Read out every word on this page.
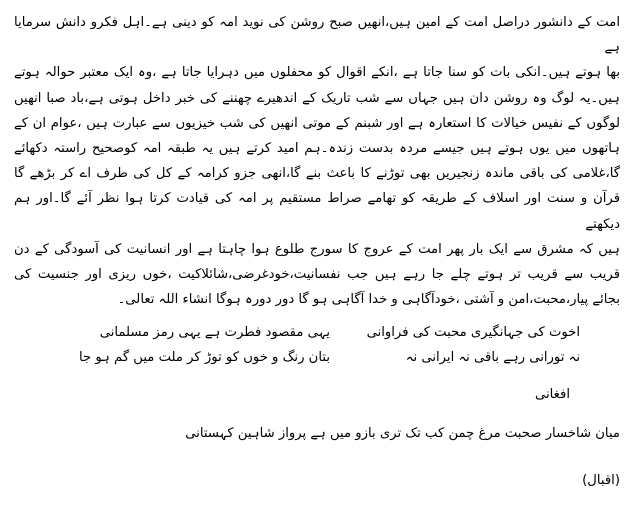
امت کے دانشور دراصل امت کے امین ہیں،انھیں صبح روشن کی نوید امہ کو دینی ہے۔اہل فکرو دانش سرمایا ہے

بھا ہوتے ہیں۔انکی بات کو سنا جاتا ہے ،انکے اقوال کو محفلوں میں دہرایا جاتا ہے ،وہ ایک معتبر حوالہ ہوتے

ہیں۔یہ لوگ وہ روشن دان ہیں جہاں سے شب تاریک کے اندھیرے چھننے کی خبر داخل ہوتی ہے،باد صبا انھیں

لوگوں کے نفیس خیالات کا استعارہ ہے اور شبنم کے موتی انھیں کی شب خیزیوں سے عبارت ہیں ،عوام ان کے

ہاتھوں میں یوں ہوتے ہیں جیسے مردہ بدست زندہ۔ہم امید کرتے ہیں یہ طبقہ امہ کوصحیح راستہ دکھائے

گا،غلامی کی باقی ماندہ زنجیریں بھی توڑنے کا باعث بنے گا،انھی جزو کرامہ کے کل کی طرف اے کر بڑھے گا

قرآن و سنت اور اسلاف کے طریقہ کو تھامے صراط مستقیم پر امہ کی قیادت کرتا ہوا نظر آئے گا۔اور ہم دیکھتے

ہیں کہ مشرق سے ایک بار پھر امت کے عروج کا سورج طلوع ہوا چاہتا ہے اور انسانیت کی آسودگی کے دن

قریب سے قریب تر ہوتے چلے جا رہے ہیں جب نفسانیت،خودغرضی،شائلاکیت ،خوں ریزی اور جنسیت کی

بجائے پیار،محبت،امن و آشتی ،خودآگاہی و خدا آگاہی ہو گا دور دورہ ہوگا انشاء اللہ تعالی۔

اخوت کی جہانگیری محبت کی فراوانی
یہی مقصود فطرت ہے یہی رمز مسلمانی
نہ تورانی رہے باقی نہ ایرانی نہ
بتان رنگ و خوں کو توڑ کر ملت میں گم ہو جا
افغانی
میان شاخسار صحبت مرغ چمن کب تک تری بازو میں ہے پرواز شاہین کہستانی
(اقبال)
